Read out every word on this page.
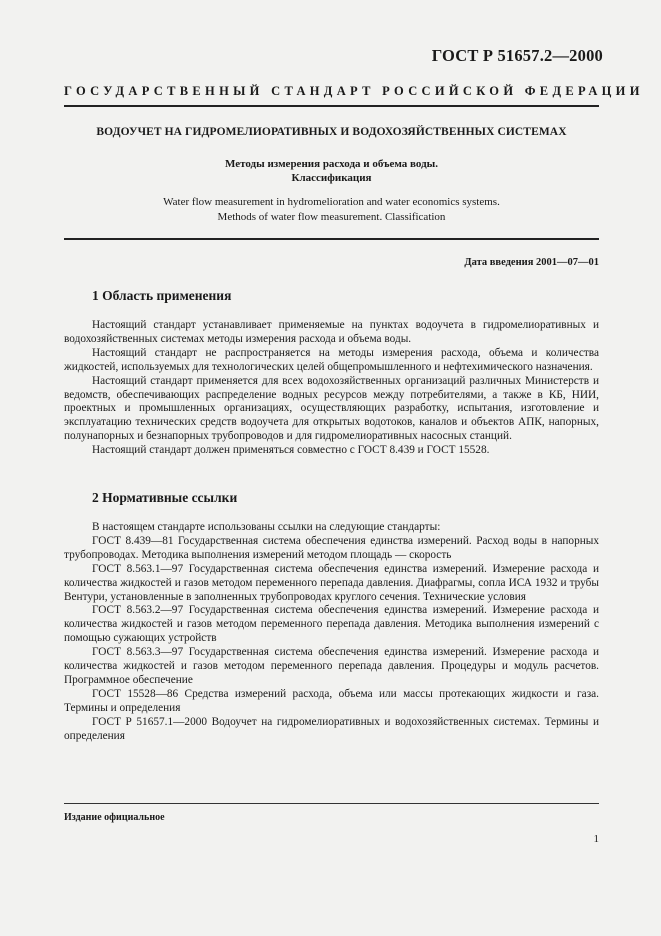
ГОСТ Р 51657.2—2000
ГОСУДАРСТВЕННЫЙ СТАНДАРТ РОССИЙСКОЙ ФЕДЕРАЦИИ
ВОДОУЧЕТ НА ГИДРОМЕЛИОРАТИВНЫХ И ВОДОХОЗЯЙСТВЕННЫХ СИСТЕМАХ
Методы измерения расхода и объема воды.
Классификация
Water flow measurement in hydromelioration and water economics systems.
Methods of water flow measurement. Classification
Дата введения 2001—07—01
1 Область применения

Настоящий стандарт устанавливает применяемые на пунктах водоучета в гидромелиоративных и водохозяйственных системах методы измерения расхода и объема воды.

Настоящий стандарт не распространяется на методы измерения расхода, объема и количества жидкостей, используемых для технологических целей общепромышленного и нефтехимического назначения.

Настоящий стандарт применяется для всех водохозяйственных организаций различных Министерств и ведомств, обеспечивающих распределение водных ресурсов между потребителями, а также в КБ, НИИ, проектных и промышленных организациях, осуществляющих разработку, испытания, изготовление и эксплуатацию технических средств водоучета для открытых водотоков, каналов и объектов АПК, напорных, полунапорных и безнапорных трубопроводов и для гидромелиоративных насосных станций.

Настоящий стандарт должен применяться совместно с ГОСТ 8.439 и ГОСТ 15528.

2 Нормативные ссылки

В настоящем стандарте использованы ссылки на следующие стандарты:

ГОСТ 8.439—81 Государственная система обеспечения единства измерений. Расход воды в напорных трубопроводах. Методика выполнения измерений методом площадь — скорость

ГОСТ 8.563.1—97 Государственная система обеспечения единства измерений. Измерение расхода и количества жидкостей и газов методом переменного перепада давления. Диафрагмы, сопла ИСА 1932 и трубы Вентури, установленные в заполненных трубопроводах круглого сечения. Технические условия

ГОСТ 8.563.2—97 Государственная система обеспечения единства измерений. Измерение расхода и количества жидкостей и газов методом переменного перепада давления. Методика выполнения измерений с помощью сужающих устройств

ГОСТ 8.563.3—97 Государственная система обеспечения единства измерений. Измерение расхода и количества жидкостей и газов методом переменного перепада давления. Процедуры и модуль расчетов. Программное обеспечение

ГОСТ 15528—86 Средства измерений расхода, объема или массы протекающих жидкости и газа. Термины и определения

ГОСТ Р 51657.1—2000 Водоучет на гидромелиоративных и водохозяйственных системах. Термины и определения

Издание официальное
1
